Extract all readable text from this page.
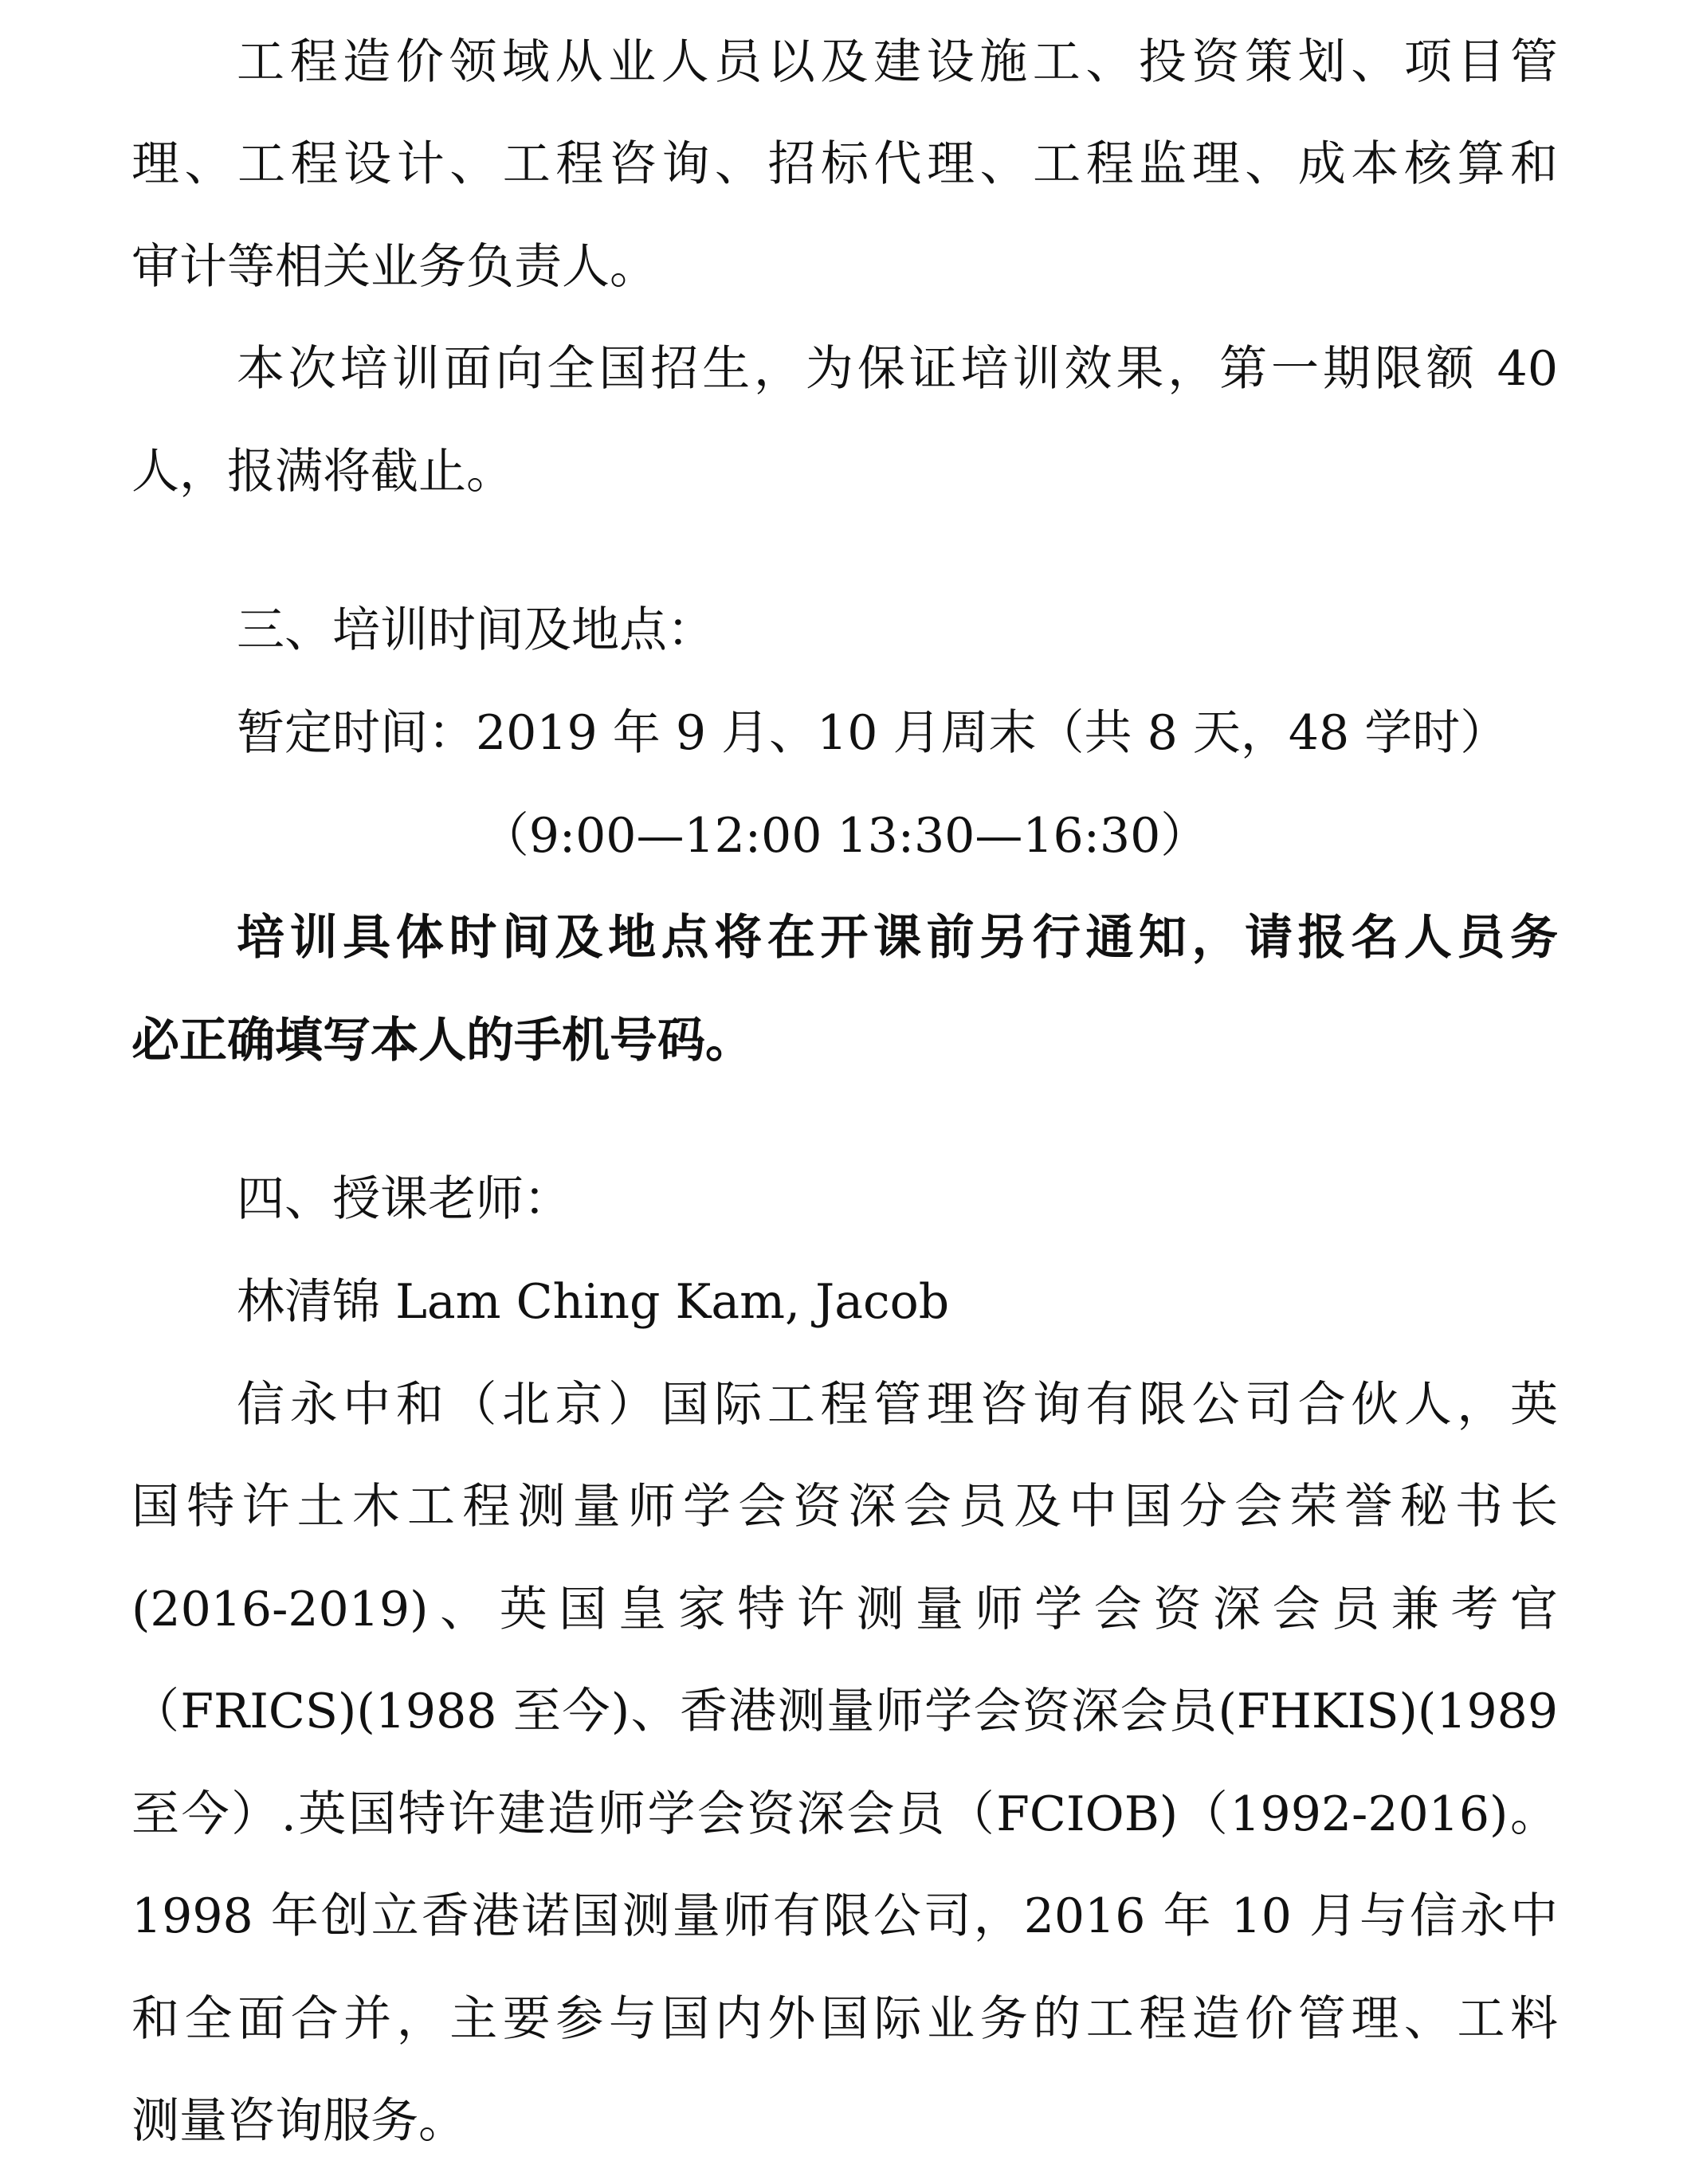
工程造价领域从业人员以及建设施工、投资策划、项目管
理、工程设计、工程咨询、招标代理、工程监理、成本核算和
审计等相关业务负责人。
本次培训面向全国招生，为保证培训效果，第一期限额 40
人，报满将截止。
三、培训时间及地点：
暂定时间：2019 年 9 月、10 月周末（共 8 天，48 学时）
（9:00—12:00 13:30—16:30）
培训具体时间及地点将在开课前另行通知，请报名人员务
必正确填写本人的手机号码。
四、授课老师：
林清锦 Lam Ching Kam, Jacob
信永中和（北京）国际工程管理咨询有限公司合伙人，英
国特许土木工程测量师学会资深会员及中国分会荣誉秘书长
(2016-2019)、英国皇家特许测量师学会资深会员兼考官
（FRICS)(1988 至今)、香港测量师学会资深会员(FHKIS)(1989
至今）.英国特许建造师学会资深会员（FCIOB)（1992-2016)。
1998 年创立香港诺国测量师有限公司，2016 年 10 月与信永中
和全面合并，主要参与国内外国际业务的工程造价管理、工料
测量咨询服务。
